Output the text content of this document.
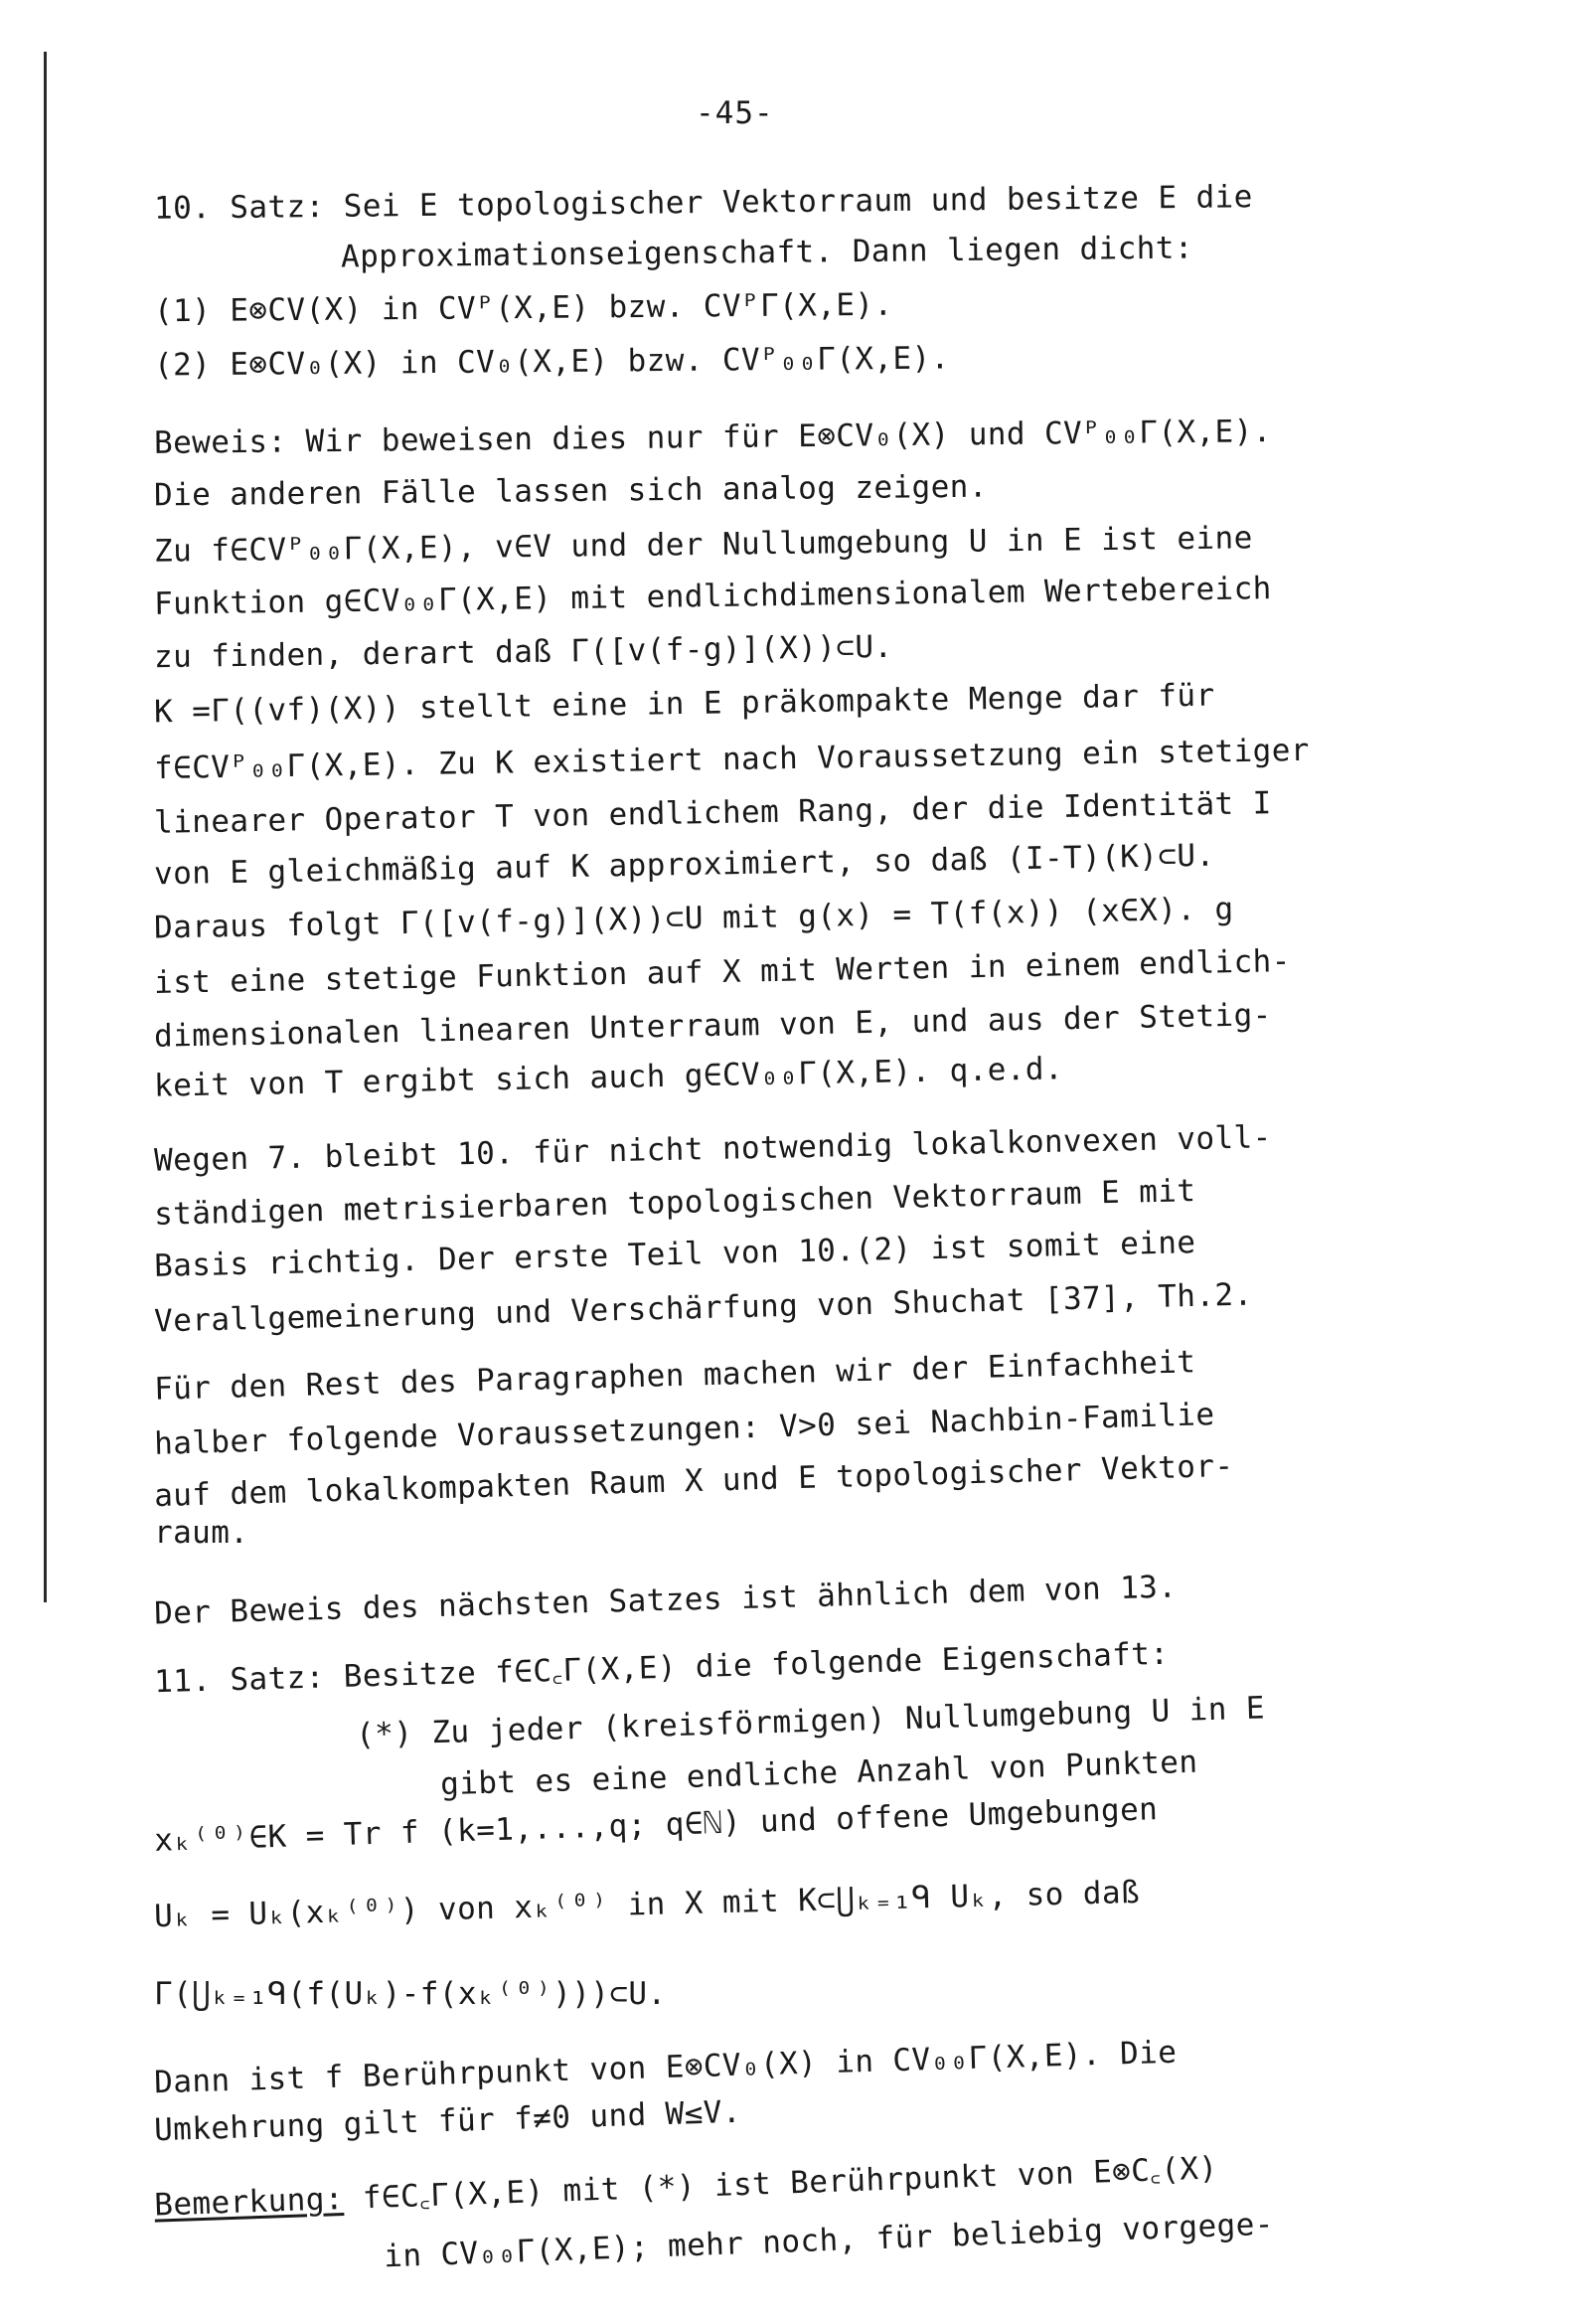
-45-
10. Satz: Sei E topologischer Vektorraum und besitze E die
Approximationseigenschaft. Dann liegen dicht:
(1) E⊗CV(X) in CVᴾ(X,E) bzw. CVᴾΓ(X,E).
(2) E⊗CV₀(X) in CV₀(X,E) bzw. CVᴾ₀₀Γ(X,E).
Beweis: Wir beweisen dies nur für E⊗CV₀(X) und CVᴾ₀₀Γ(X,E).
Die anderen Fälle lassen sich analog zeigen.
Zu f∈CVᴾ₀₀Γ(X,E), v∈V und der Nullumgebung U in E ist eine
Funktion g∈CV₀₀Γ(X,E) mit endlichdimensionalem Wertebereich
zu finden, derart daß Γ([v(f-g)](X))⊂U.
K =Γ((vf)(X)) stellt eine in E präkompakte Menge dar für
f∈CVᴾ₀₀Γ(X,E). Zu K existiert nach Voraussetzung ein stetiger
linearer Operator T von endlichem Rang, der die Identität I
von E gleichmäßig auf K approximiert, so daß (I-T)(K)⊂U.
Daraus folgt Γ([v(f-g)](X))⊂U mit g(x) = T(f(x)) (x∈X). g
ist eine stetige Funktion auf X mit Werten in einem endlich-
dimensionalen linearen Unterraum von E, und aus der Stetig-
keit von T ergibt sich auch g∈CV₀₀Γ(X,E). q.e.d.
Wegen 7. bleibt 10. für nicht notwendig lokalkonvexen voll-
ständigen metrisierbaren topologischen Vektorraum E mit
Basis richtig. Der erste Teil von 10.(2) ist somit eine
Verallgemeinerung und Verschärfung von Shuchat [37], Th.2.
Für den Rest des Paragraphen machen wir der Einfachheit
halber folgende Voraussetzungen: V>0 sei Nachbin-Familie
auf dem lokalkompakten Raum X und E topologischer Vektor-
raum.
Der Beweis des nächsten Satzes ist ähnlich dem von 13.
11. Satz: Besitze f∈C꜀Γ(X,E) die folgende Eigenschaft:
(*) Zu jeder (kreisförmigen) Nullumgebung U in E
gibt es eine endliche Anzahl von Punkten
xₖ⁽⁰⁾∈K = Tr f (k=1,...,q; q∈ℕ) und offene Umgebungen
Uₖ = Uₖ(xₖ⁽⁰⁾) von xₖ⁽⁰⁾ in X mit K⊂⋃ₖ₌₁ᑫ Uₖ, so daß
Γ(⋃ₖ₌₁ᑫ(f(Uₖ)-f(xₖ⁽⁰⁾)))⊂U.
Dann ist f Berührpunkt von E⊗CV₀(X) in CV₀₀Γ(X,E). Die
Umkehrung gilt für f≠0 und W≤V.
Bemerkung: f∈C꜀Γ(X,E) mit (*) ist Berührpunkt von E⊗C꜀(X)
in CV₀₀Γ(X,E); mehr noch, für beliebig vorgege-
